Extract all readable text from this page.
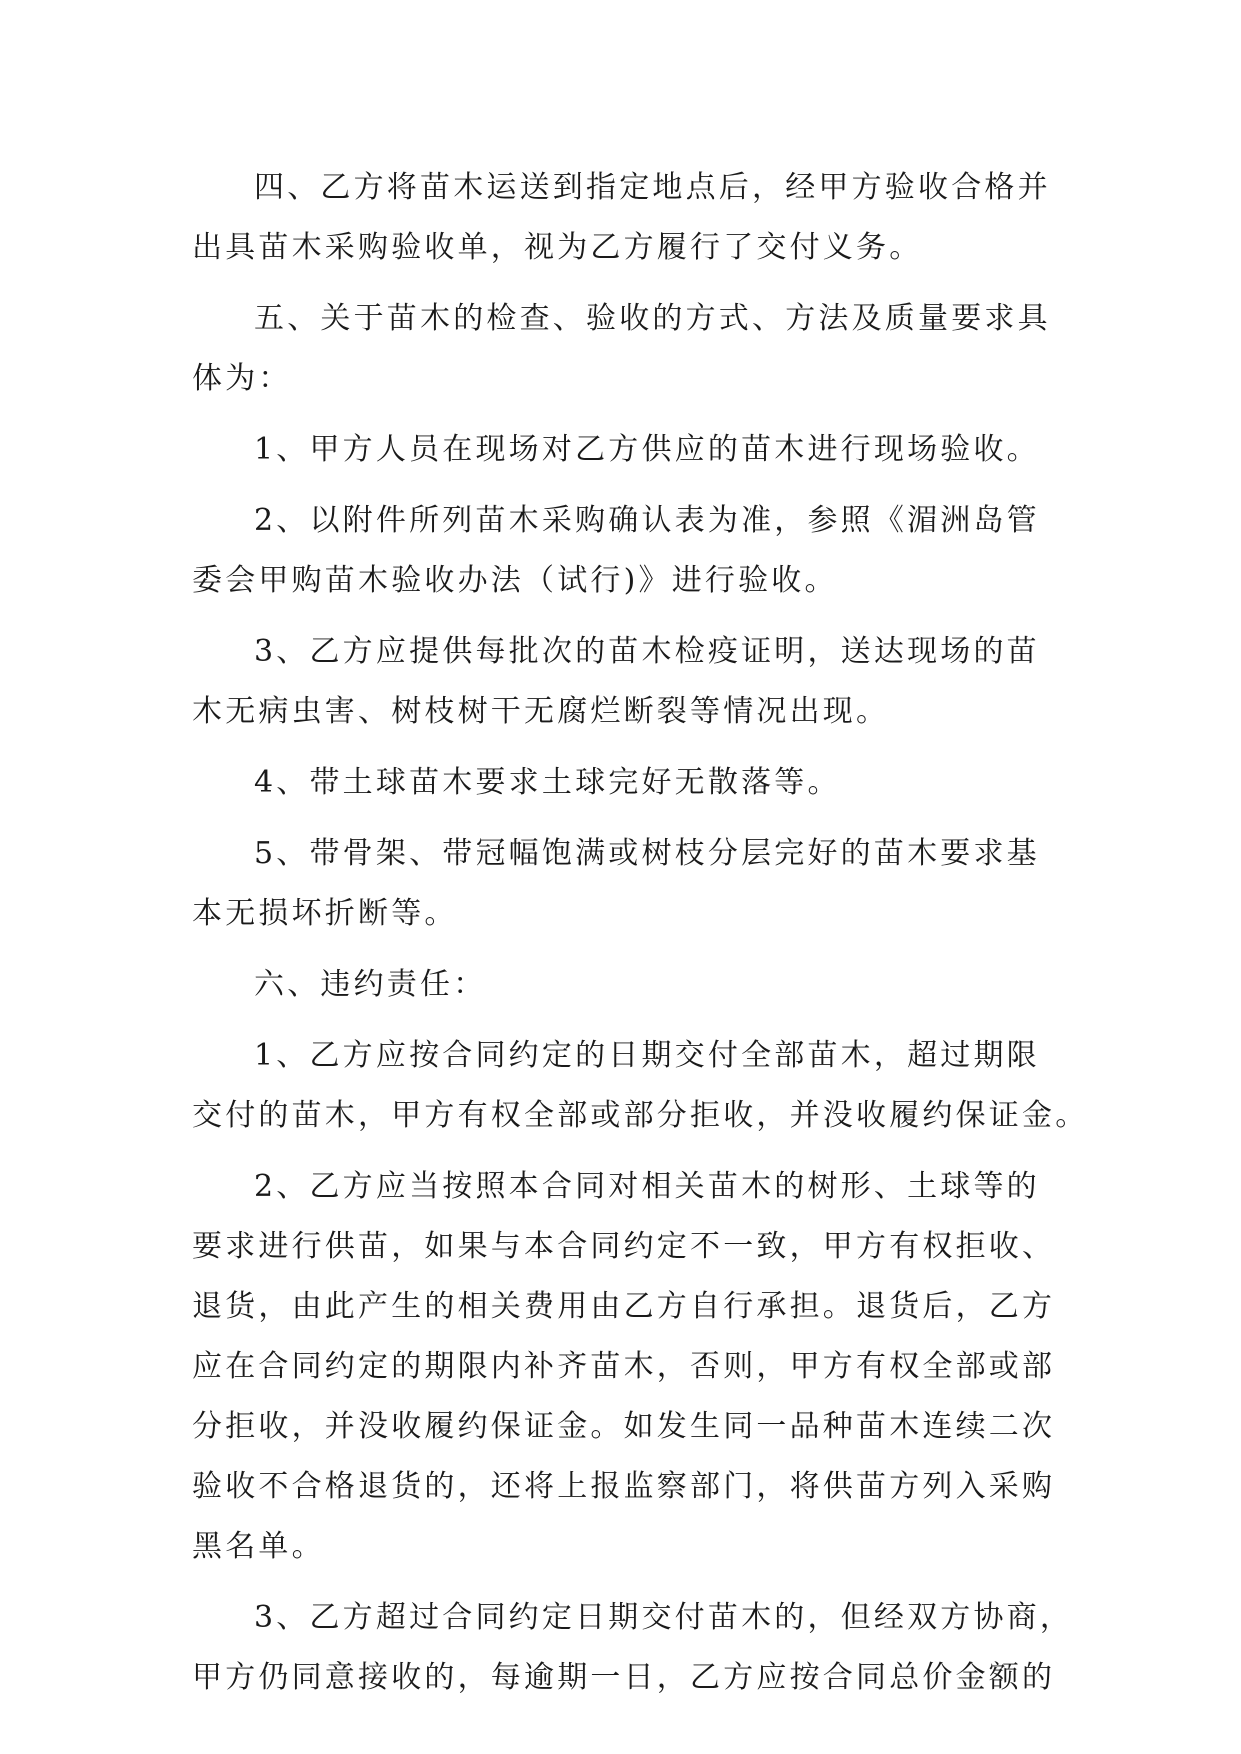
四、乙方将苗木运送到指定地点后，经甲方验收合格并
出具苗木采购验收单，视为乙方履行了交付义务。
五、关于苗木的检查、验收的方式、方法及质量要求具
体为：
1、甲方人员在现场对乙方供应的苗木进行现场验收。
2、以附件所列苗木采购确认表为准，参照《湄洲岛管
委会甲购苗木验收办法（试行)》进行验收。
3、乙方应提供每批次的苗木检疫证明，送达现场的苗
木无病虫害、树枝树干无腐烂断裂等情况出现。
4、带土球苗木要求土球完好无散落等。
5、带骨架、带冠幅饱满或树枝分层完好的苗木要求基
本无损坏折断等。
六、违约责任：
1、乙方应按合同约定的日期交付全部苗木，超过期限
交付的苗木，甲方有权全部或部分拒收，并没收履约保证金。
2、乙方应当按照本合同对相关苗木的树形、土球等的
要求进行供苗，如果与本合同约定不一致，甲方有权拒收、
退货，由此产生的相关费用由乙方自行承担。退货后，乙方
应在合同约定的期限内补齐苗木，否则，甲方有权全部或部
分拒收，并没收履约保证金。如发生同一品种苗木连续二次
验收不合格退货的，还将上报监察部门，将供苗方列入采购
黑名单。
3、乙方超过合同约定日期交付苗木的，但经双方协商，
甲方仍同意接收的，每逾期一日，乙方应按合同总价金额的
